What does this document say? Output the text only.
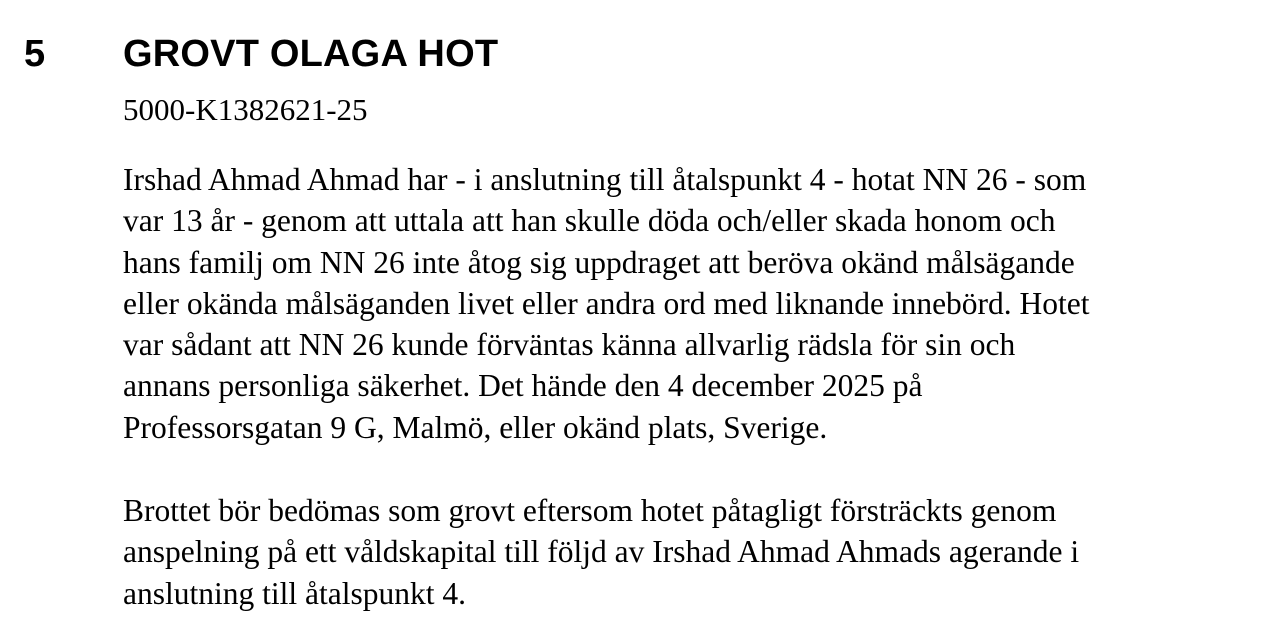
5 GROVT OLAGA HOT

5000-K1382621-25

Irshad Ahmad Ahmad har - i anslutning till åtalspunkt 4 - hotat NN 26 - som
var 13 år - genom att uttala att han skulle döda och/eller skada honom och
hans familj om NN 26 inte åtog sig uppdraget att beröva okänd målsägande
eller okända målsäganden livet eller andra ord med liknande innebörd. Hotet
var sådant att NN 26 kunde förväntas känna allvarlig rädsla för sin och
annans personliga säkerhet. Det hände den 4 december 2025 på
Professorsgatan 9 G, Malmö, eller okänd plats, Sverige.

Brottet bör bedömas som grovt eftersom hotet påtagligt försträckts genom
anspelning på ett våldskapital till följd av Irshad Ahmad Ahmads agerande i
anslutning till åtalspunkt 4.
